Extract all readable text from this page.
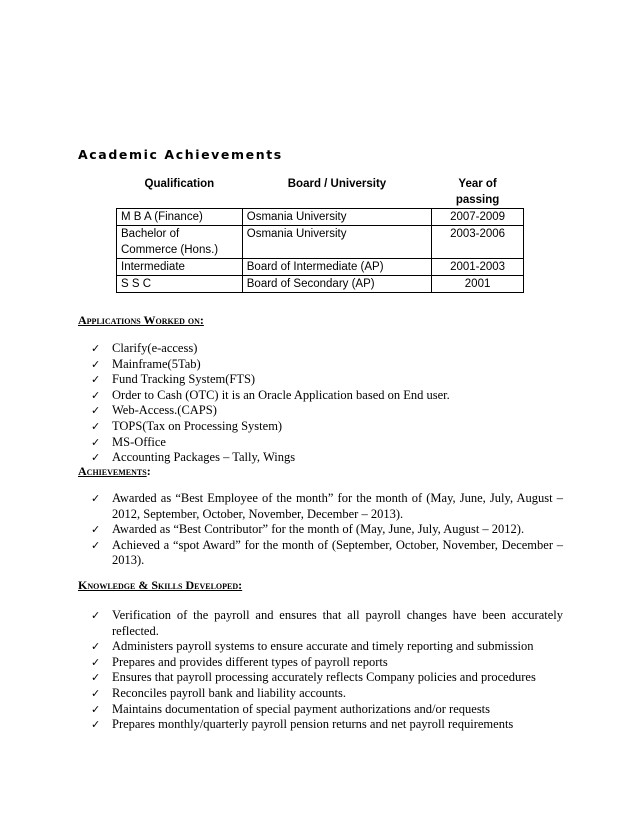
Academic Achievements
Qualification	Board / University	Year of passing
M B A (Finance)	Osmania University	2007-2009
Bachelor of Commerce (Hons.)	Osmania University	2003-2006
Intermediate	Board of Intermediate (AP)	2001-2003
S S C	Board of Secondary (AP)	2001
Applications Worked on:
✓ Clarify(e-access)
✓ Mainframe(5Tab)
✓ Fund Tracking System(FTS)
✓ Order to Cash (OTC) it is an Oracle Application based on End user.
✓ Web-Access.(CAPS)
✓ TOPS(Tax on Processing System)
✓ MS-Office
✓ Accounting Packages – Tally, Wings
Achievements:
✓ Awarded as “Best Employee of the month” for the month of (May, June, July, August – 2012, September, October, November, December – 2013).
✓ Awarded as “Best Contributor” for the month of (May, June, July, August – 2012).
✓ Achieved a “spot Award” for the month of (September, October, November, December – 2013).
Knowledge & Skills Developed:
✓ Verification of the payroll and ensures that all payroll changes have been accurately reflected.
✓ Administers payroll systems to ensure accurate and timely reporting and submission
✓ Prepares and provides different types of payroll reports
✓ Ensures that payroll processing accurately reflects Company policies and procedures
✓ Reconciles payroll bank and liability accounts.
✓ Maintains documentation of special payment authorizations and/or requests
✓ Prepares monthly/quarterly payroll pension returns and net payroll requirements
